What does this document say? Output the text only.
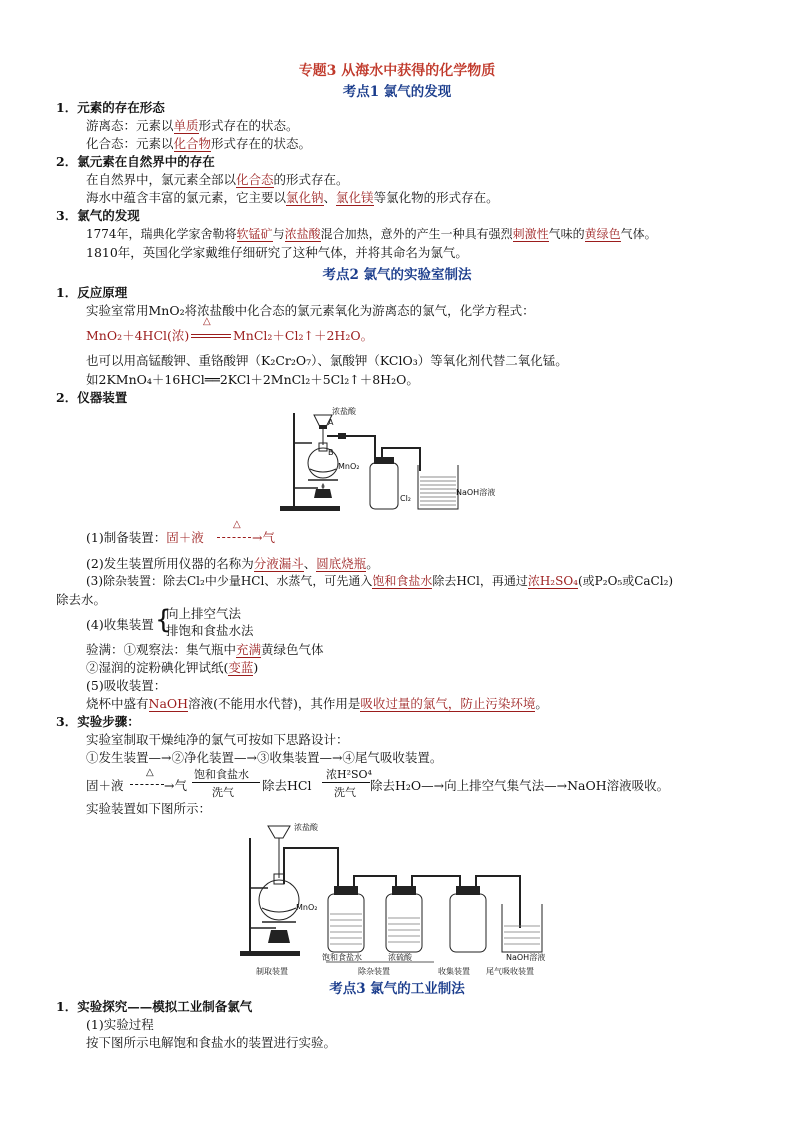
专题3 从海水中获得的化学物质
考点1 氯气的发现
1．元素的存在形态
游离态：元素以单质形式存在的状态。
化合态：元素以化合物形式存在的状态。
2．氯元素在自然界中的存在
在自然界中，氯元素全部以化合态的形式存在。
海水中蕴含丰富的氯元素，它主要以氯化钠、氯化镁等氯化物的形式存在。
3．氯气的发现
1774年，瑞典化学家舍勒将软锰矿与浓盐酸混合加热，意外的产生一种具有强烈刺激性气味的黄绿色气体。
1810年，英国化学家戴维仔细研究了这种气体，并将其命名为氯气。
考点2 氯气的实验室制法
1．反应原理
实验室常用MnO₂将浓盐酸中化合态的氯元素氧化为游离态的氯气，化学方程式：
MnO₂＋4HCl(浓)
△
MnCl₂＋Cl₂↑＋2H₂O。
也可以用高锰酸钾、重铬酸钾（K₂Cr₂O₇）、氯酸钾（KClO₃）等氧化剂代替二氧化锰。
如2KMnO₄＋16HCl══2KCl＋2MnCl₂＋5Cl₂↑＋8H₂O。
2．仪器装置
浓盐酸
A
B
MnO₂
Cl₂
NaOH溶液
(1)制备装置：固＋液
△
→气
(2)发生装置所用仪器的名称为分液漏斗、圆底烧瓶。
(3)除杂装置：除去Cl₂中少量HCl、水蒸气，可先通入饱和食盐水除去HCl，再通过浓H₂SO₄(或P₂O₅或CaCl₂)
除去水。
(4)收集装置 {
向上排空气法
排饱和食盐水法
验满：①观察法：集气瓶中充满黄绿色气体
②湿润的淀粉碘化钾试纸(变蓝)
(5)吸收装置：
烧杯中盛有NaOH溶液(不能用水代替)，其作用是吸收过量的氯气，防止污染环境。
3．实验步骤：
实验室制取干燥纯净的氯气可按如下思路设计：
①发生装置—→②净化装置—→③收集装置—→④尾气吸收装置。
固＋液
△
→气
饱和食盐水
洗气 除去HCl
浓H²SO⁴
洗气 除去H₂O—→向上排空气集气法—→NaOH溶液吸收。
实验装置如下图所示：
浓盐酸
MnO₂
饱和食盐水	浓硫酸	NaOH溶液
制取装置	除杂装置	收集装置 尾气吸收装置
考点3 氯气的工业制法
1．实验探究——模拟工业制备氯气
(1)实验过程
按下图所示电解饱和食盐水的装置进行实验。
